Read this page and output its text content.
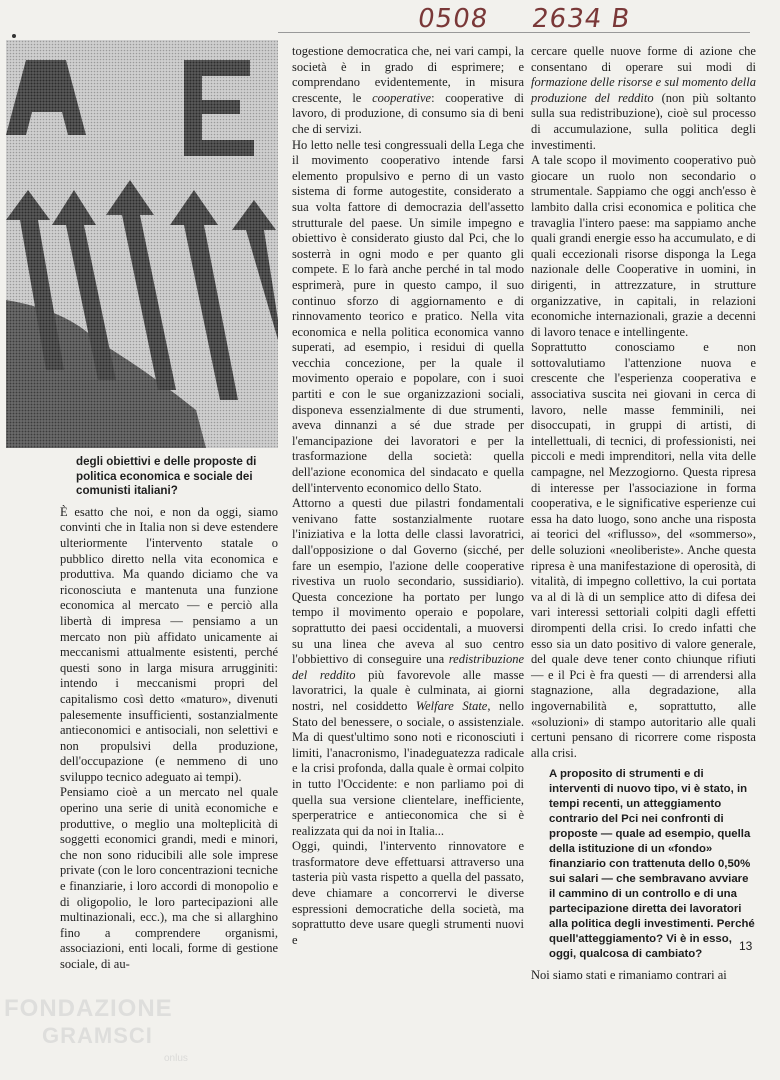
0508 2634 B

degli obiettivi e delle proposte di politica economica e sociale dei comunisti italiani?

È esatto che noi, e non da oggi, siamo convinti che in Italia non si deve estendere ulteriormente l'intervento statale o pubblico diretto nella vita economica e produttiva. Ma quando diciamo che va riconosciuta e mantenuta una funzione economica al mercato — e perciò alla libertà di impresa — pensiamo a un mercato non più affidato unicamente ai meccanismi attualmente esistenti, perché questi sono in larga misura arrugginiti: intendo i meccanismi propri del capitalismo così detto «maturo», divenuti palesemente insufficienti, sostanzialmente antieconomici e antisociali, non selettivi e non propulsivi della produzione, dell'occupazione (e nemmeno di uno sviluppo tecnico adeguato ai tempi).

Pensiamo cioè a un mercato nel quale operino una serie di unità economiche e produttive, o meglio una molteplicità di soggetti economici grandi, medi e minori, che non sono riducibili alle sole imprese private (con le loro concentrazioni tecniche e finanziarie, i loro accordi di monopolio e di oligopolio, le loro partecipazioni alle multinazionali, ecc.), ma che si allarghino fino a comprendere organismi, associazioni, enti locali, forme di gestione sociale, di au-

togestione democratica che, nei vari campi, la società è in grado di esprimere; e comprendano evidentemente, in misura crescente, le cooperative: cooperative di lavoro, di produzione, di consumo sia di beni che di servizi.

Ho letto nelle tesi congressuali della Lega che il movimento cooperativo intende farsi elemento propulsivo e perno di un vasto sistema di forme autogestite, considerato a sua volta fattore di democrazia dell'assetto strutturale del paese. Un simile impegno e obiettivo è considerato giusto dal Pci, che lo sosterrà in ogni modo e per quanto gli compete. E lo farà anche perché in tal modo esprimerà, pure in questo campo, il suo continuo sforzo di aggiornamento e di rinnovamento teorico e pratico. Nella vita economica e nella politica economica vanno superati, ad esempio, i residui di quella vecchia concezione, per la quale il movimento operaio e popolare, con i suoi partiti e con le sue organizzazioni sociali, disponeva essenzialmente di due strumenti, aveva dinnanzi a sé due strade per l'emancipazione dei lavoratori e per la trasformazione della società: quella dell'azione economica del sindacato e quella dell'intervento economico dello Stato.

Attorno a questi due pilastri fondamentali venivano fatte sostanzialmente ruotare l'iniziativa e la lotta delle classi lavoratrici, dall'opposizione o dal Governo (sicché, per fare un esempio, l'azione delle cooperative rivestiva un ruolo secondario, sussidiario). Questa concezione ha portato per lungo tempo il movimento operaio e popolare, soprattutto dei paesi occidentali, a muoversi su una linea che aveva al suo centro l'obbiettivo di conseguire una redistribuzione del reddito più favorevole alle masse lavoratrici, la quale è culminata, ai giorni nostri, nel cosiddetto Welfare State, nello Stato del benessere, o sociale, o assistenziale. Ma di quest'ultimo sono noti e riconosciuti i limiti, l'anacronismo, l'inadeguatezza radicale e la crisi profonda, dalla quale è ormai colpito in tutto l'Occidente: e non parliamo poi di quella sua versione clientelare, inefficiente, sperperatrice e antieconomica che si è realizzata qui da noi in Italia...

Oggi, quindi, l'intervento rinnovatore e trasformatore deve effettuarsi attraverso una tasteria più vasta rispetto a quella del passato, deve chiamare a concorrervi le diverse espressioni democratiche della società, ma soprattutto deve usare quegli strumenti nuovi e

cercare quelle nuove forme di azione che consentano di operare sui modi di formazione delle risorse e sul momento della produzione del reddito (non più soltanto sulla sua redistribuzione), cioè sul processo di accumulazione, sulla politica degli investimenti.

A tale scopo il movimento cooperativo può giocare un ruolo non secondario o strumentale. Sappiamo che oggi anch'esso è lambito dalla crisi economica e politica che travaglia l'intero paese: ma sappiamo anche quali grandi energie esso ha accumulato, e di quali eccezionali risorse disponga la Lega nazionale delle Cooperative in uomini, in dirigenti, in attrezzature, in strutture organizzative, in capitali, in relazioni economiche internazionali, grazie a decenni di lavoro tenace e intellingente.

Soprattutto conosciamo e non sottovalutiamo l'attenzione nuova e crescente che l'esperienza cooperativa e associativa suscita nei giovani in cerca di lavoro, nelle masse femminili, nei disoccupati, in gruppi di artisti, di intellettuali, di tecnici, di professionisti, nei piccoli e medi imprenditori, nella vita delle campagne, nel Mezzogiorno. Questa ripresa di interesse per l'associazione in forma cooperativa, e le significative esperienze cui essa ha dato luogo, sono anche una risposta ai teorici del «riflusso», del «sommerso», delle soluzioni «neoliberiste». Anche questa ripresa è una manifestazione di operosità, di vitalità, di impegno collettivo, la cui portata va al di là di un semplice atto di difesa dei vari interessi settoriali colpiti dagli effetti dirompenti della crisi. Io credo infatti che esso sia un dato positivo di valore generale, del quale deve tener conto chiunque rifiuti — e il Pci è fra questi — di arrendersi alla stagnazione, alla degradazione, alla ingovernabilità e, soprattutto, alle «soluzioni» di stampo autoritario alle quali certuni pensano di ricorrere come risposta alla crisi.

A proposito di strumenti e di interventi di nuovo tipo, vi è stato, in tempi recenti, un atteggiamento contrario del Pci nei confronti di proposte — quale ad esempio, quella della istituzione di un «fondo» finanziario con trattenuta dello 0,50% sui salari — che sembravano avviare il cammino di un controllo e di una partecipazione diretta dei lavoratori alla politica degli investimenti. Perché quell'atteggiamento? Vi è in esso, oggi, qualcosa di cambiato?

Noi siamo stati e rimaniamo contrari ai

13
FONDAZIONE
GRAMSCI
onlus
